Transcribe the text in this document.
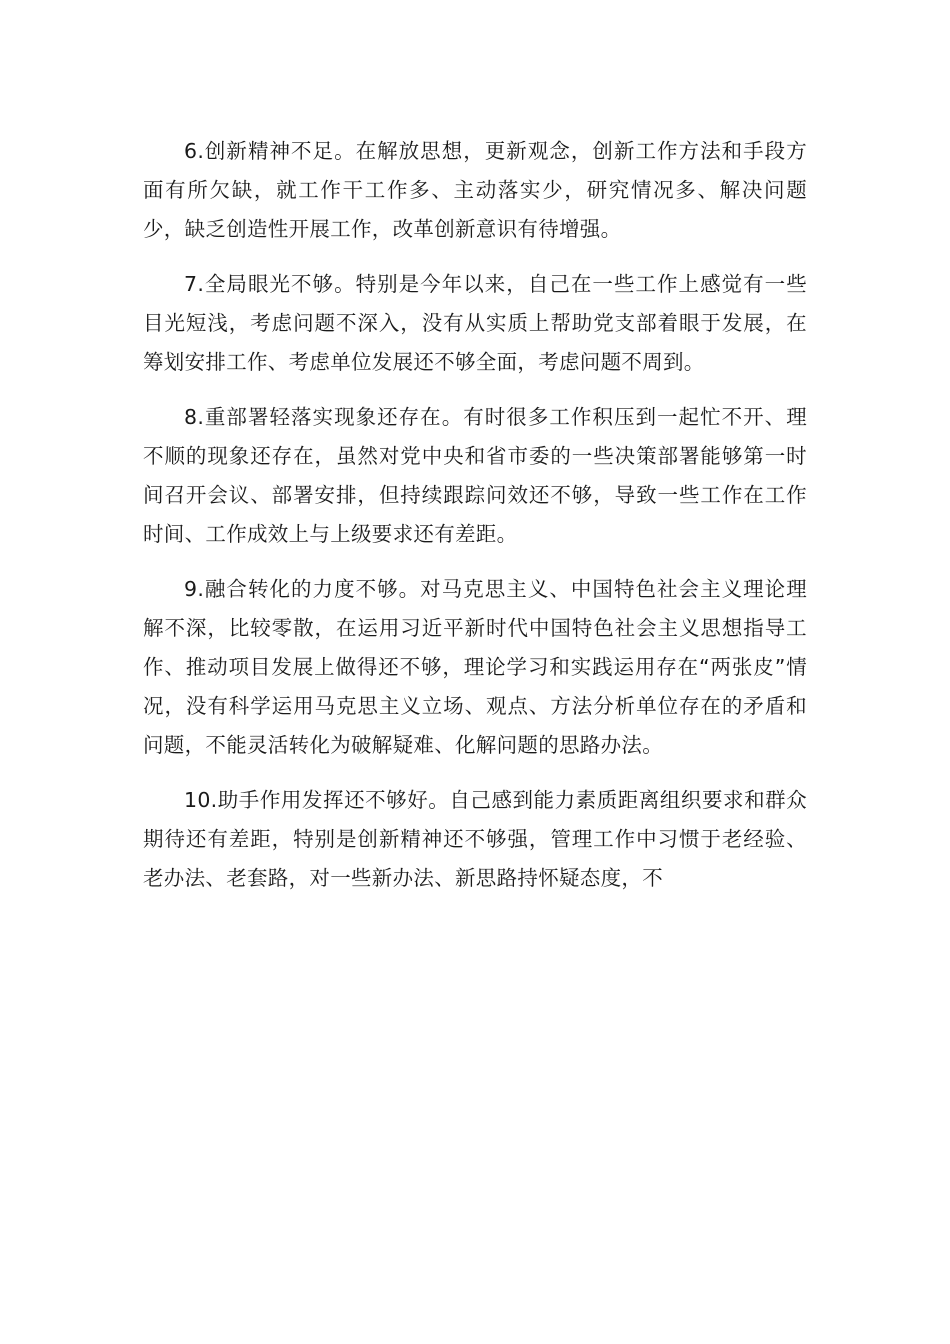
6.创新精神不足。在解放思想，更新观念，创新工作方法和手段方面有所欠缺，就工作干工作多、主动落实少，研究情况多、解决问题少，缺乏创造性开展工作，改革创新意识有待增强。

7.全局眼光不够。特别是今年以来，自己在一些工作上感觉有一些目光短浅，考虑问题不深入，没有从实质上帮助党支部着眼于发展，在筹划安排工作、考虑单位发展还不够全面，考虑问题不周到。

8.重部署轻落实现象还存在。有时很多工作积压到一起忙不开、理不顺的现象还存在，虽然对党中央和省市委的一些决策部署能够第一时间召开会议、部署安排，但持续跟踪问效还不够，导致一些工作在工作时间、工作成效上与上级要求还有差距。

9.融合转化的力度不够。对马克思主义、中国特色社会主义理论理解不深，比较零散，在运用习近平新时代中国特色社会主义思想指导工作、推动项目发展上做得还不够，理论学习和实践运用存在“两张皮”情况，没有科学运用马克思主义立场、观点、方法分析单位存在的矛盾和问题，不能灵活转化为破解疑难、化解问题的思路办法。

10.助手作用发挥还不够好。自己感到能力素质距离组织要求和群众期待还有差距，特别是创新精神还不够强，管理工作中习惯于老经验、老办法、老套路，对一些新办法、新思路持怀疑态度，不
